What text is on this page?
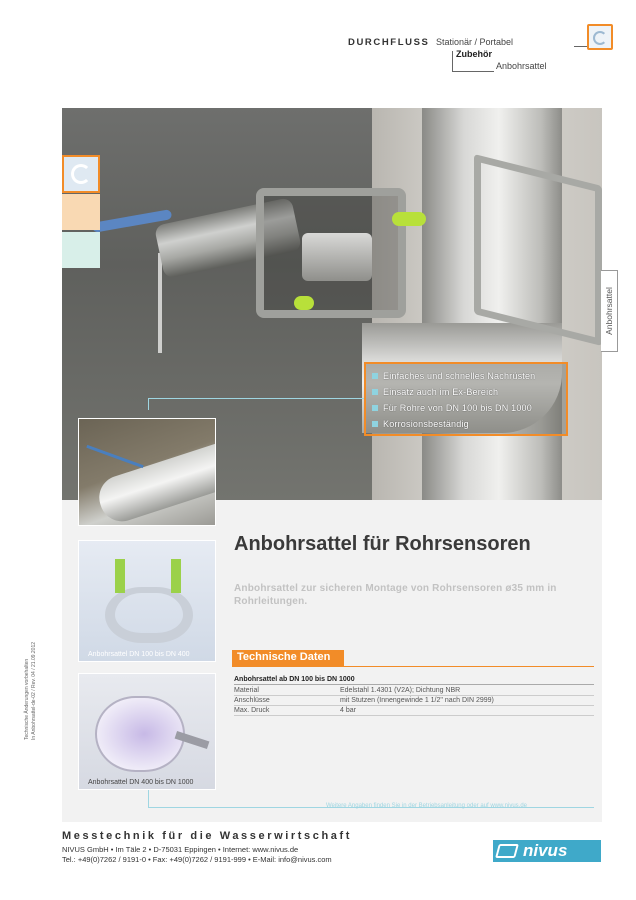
DURCHFLUSS Stationär / Portabel
Zubehör
Anbohrsattel
Anbohrsattel
Einfaches und schnelles Nachrüsten
Einsatz auch im Ex-Bereich
Für Rohre von DN 100 bis DN 1000
Korrosionsbeständig
Anbohrsattel DN 100 bis DN 400
Anbohrsattel DN 400 bis DN 1000
Anbohrsattel für Rohrsensoren
Anbohrsattel zur sicheren Montage von Rohrsensoren ø35 mm in Rohrleitungen.
Technische Daten
Anbohrsattel ab DN 100 bis DN 1000
Material	Edelstahl 1.4301 (V2A); Dichtung NBR
Anschlüsse	mit Stutzen (Innengewinde 1 1/2" nach DIN 2999)
Max. Druck	4 bar
Weitere Angaben finden Sie in der Betriebsanleitung oder auf www.nivus.de
Technische Änderungen vorbehalten In Anbohrsattel-de-02 / Rev. 04 / 21.09.2012
Messtechnik für die Wasserwirtschaft
NIVUS GmbH • Im Täle 2 • D-75031 Eppingen • Internet: www.nivus.de
Tel.: +49(0)7262 / 9191-0 • Fax: +49(0)7262 / 9191-999 • E-Mail: info@nivus.com	nivus
